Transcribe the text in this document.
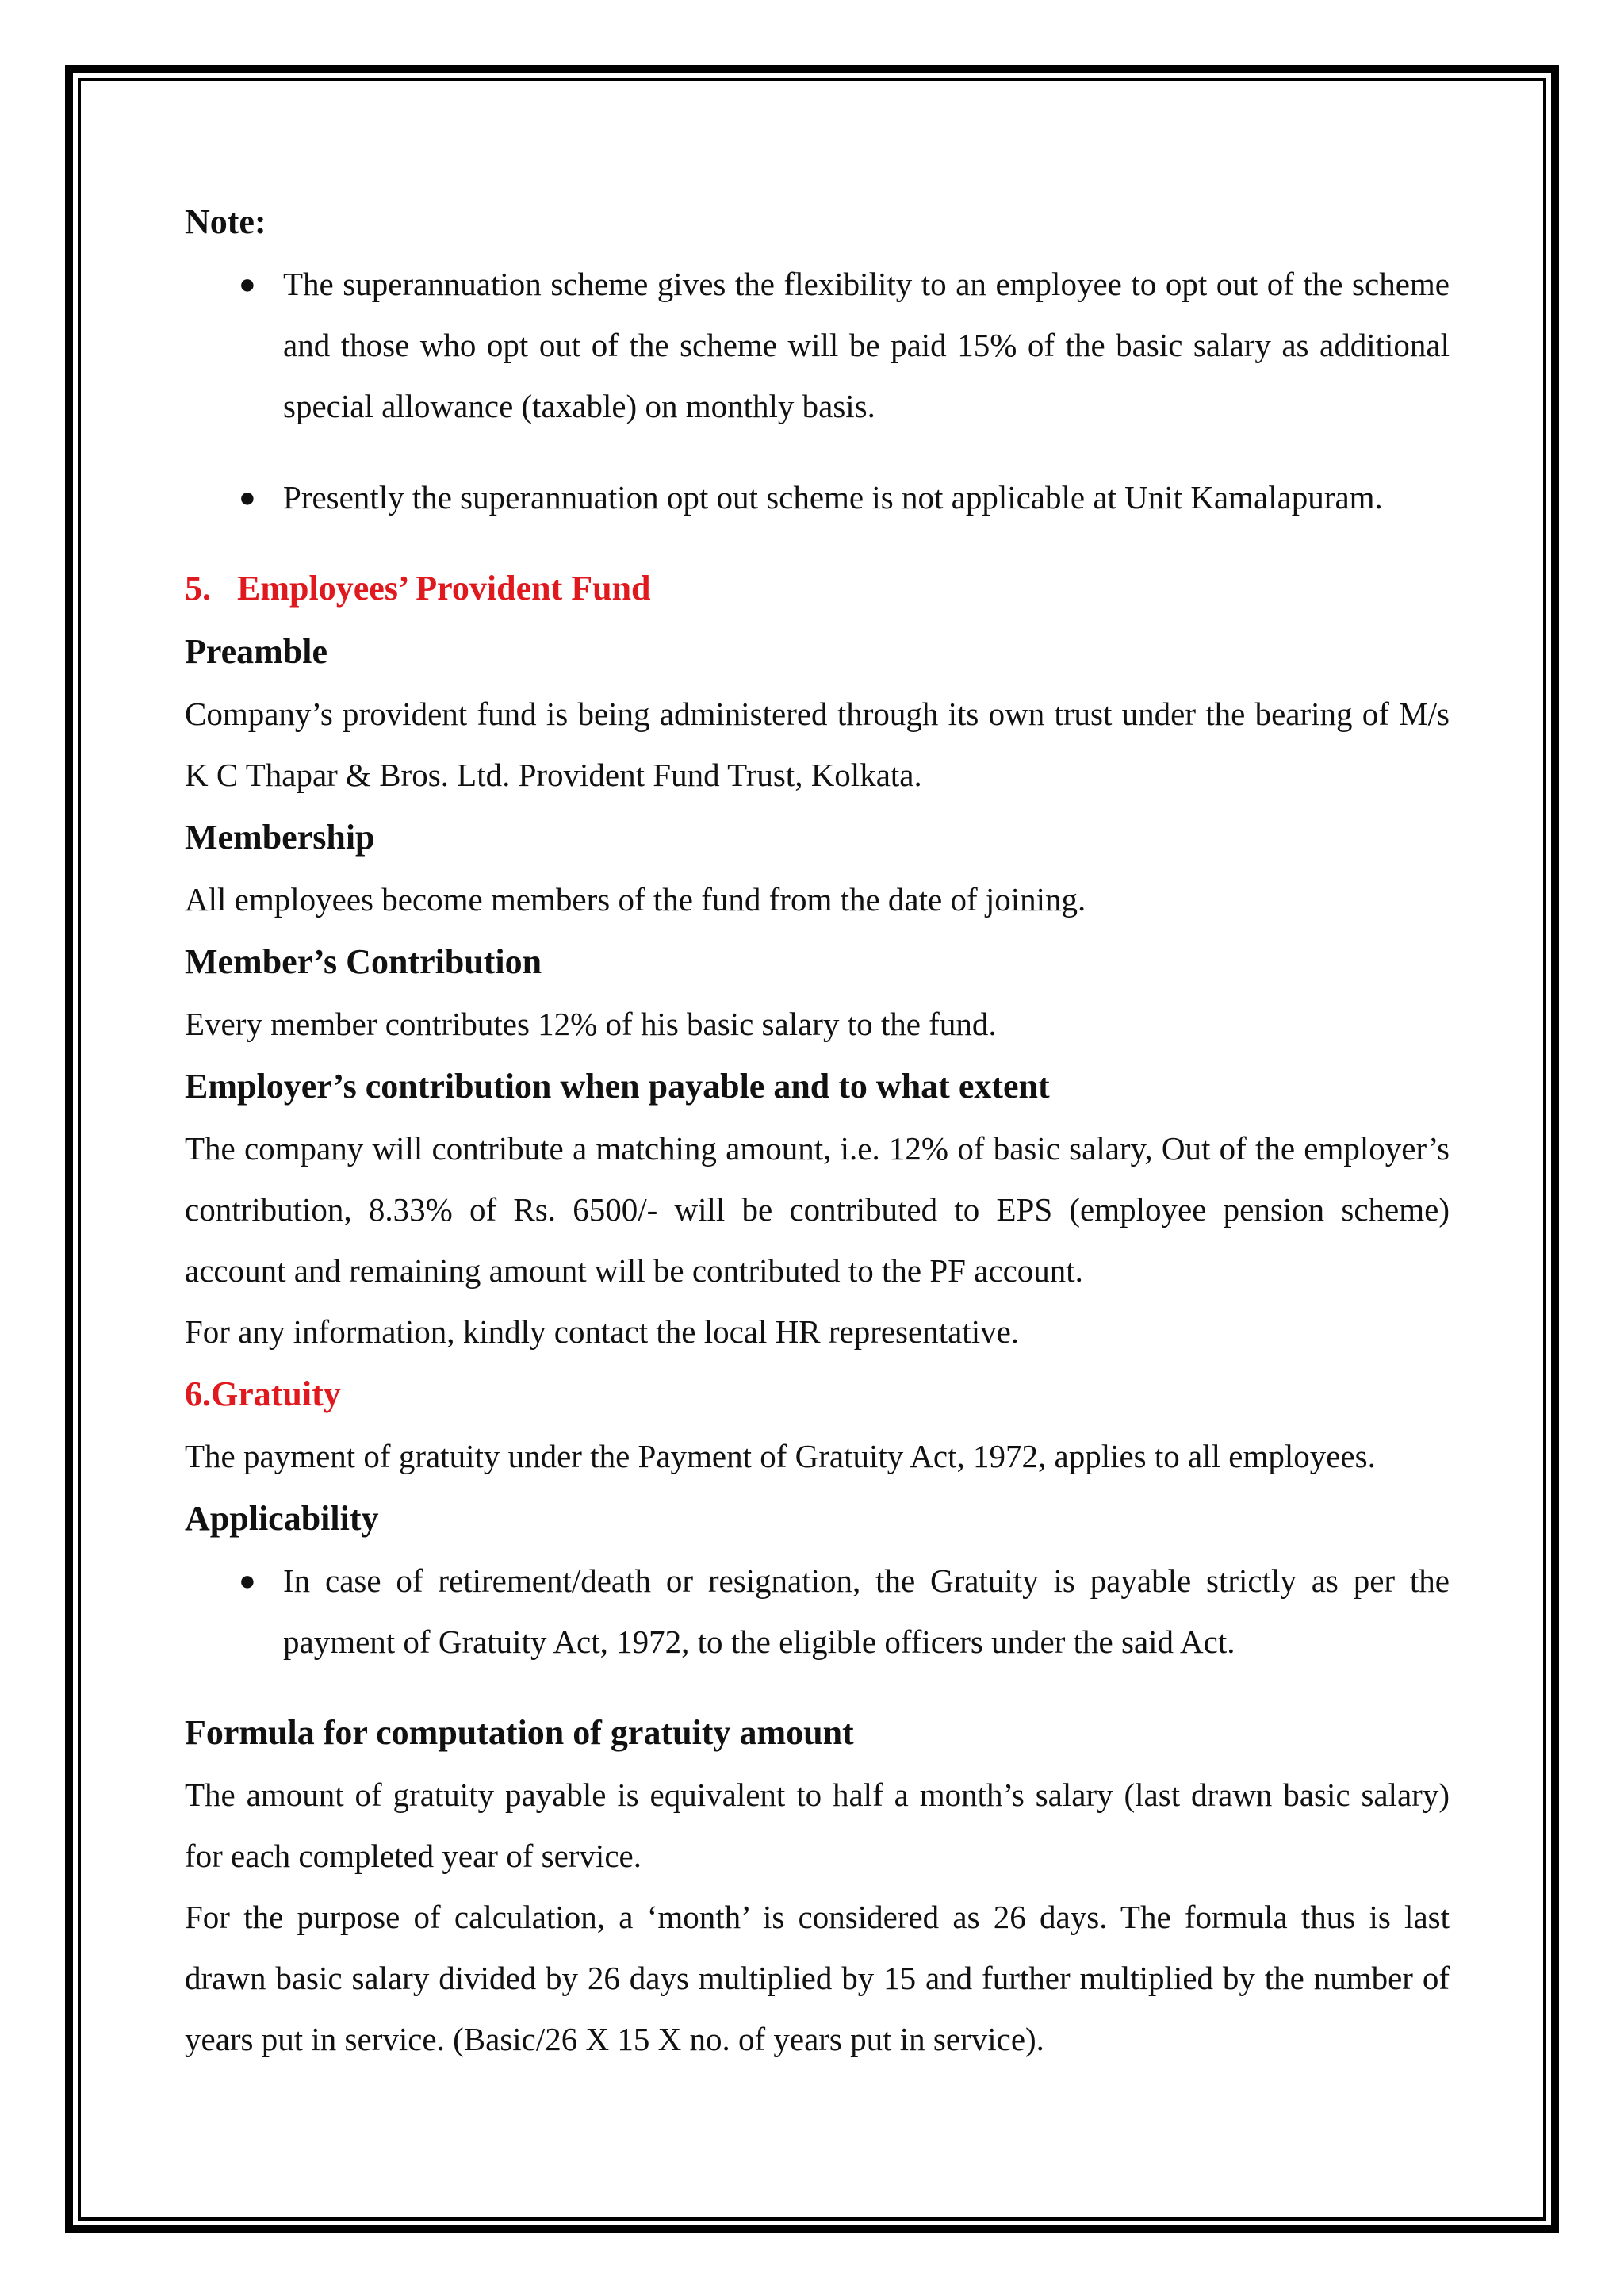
Note:

● The superannuation scheme gives the flexibility to an employee to opt out of the scheme and those who opt out of the scheme will be paid 15% of the basic salary as additional special allowance (taxable) on monthly basis.
● Presently the superannuation opt out scheme is not applicable at Unit Kamalapuram.

5.   Employees’ Provident Fund

Preamble

Company’s provident fund is being administered through its own trust under the bearing of M/s K C Thapar & Bros. Ltd. Provident Fund Trust, Kolkata.

Membership

All employees become members of the fund from the date of joining.

Member’s Contribution

Every member contributes 12% of his basic salary to the fund.

Employer’s contribution when payable and to what extent

The company will contribute a matching amount, i.e. 12% of basic salary, Out of the employer’s contribution, 8.33% of Rs. 6500/- will be contributed to EPS (employee pension scheme) account and remaining amount will be contributed to the PF account.

For any information, kindly contact the local HR representative.

6.Gratuity

The payment of gratuity under the Payment of Gratuity Act, 1972, applies to all employees.

Applicability

● In case of retirement/death or resignation, the Gratuity is payable strictly as per the payment of Gratuity Act, 1972, to the eligible officers under the said Act.

Formula for computation of gratuity amount

The amount of gratuity payable is equivalent to half a month’s salary (last drawn basic salary) for each completed year of service.

For the purpose of calculation, a ‘month’ is considered as 26 days. The formula thus is last drawn basic salary divided by 26 days multiplied by 15 and further multiplied by the number of years put in service. (Basic/26 X 15 X no. of years put in service).
